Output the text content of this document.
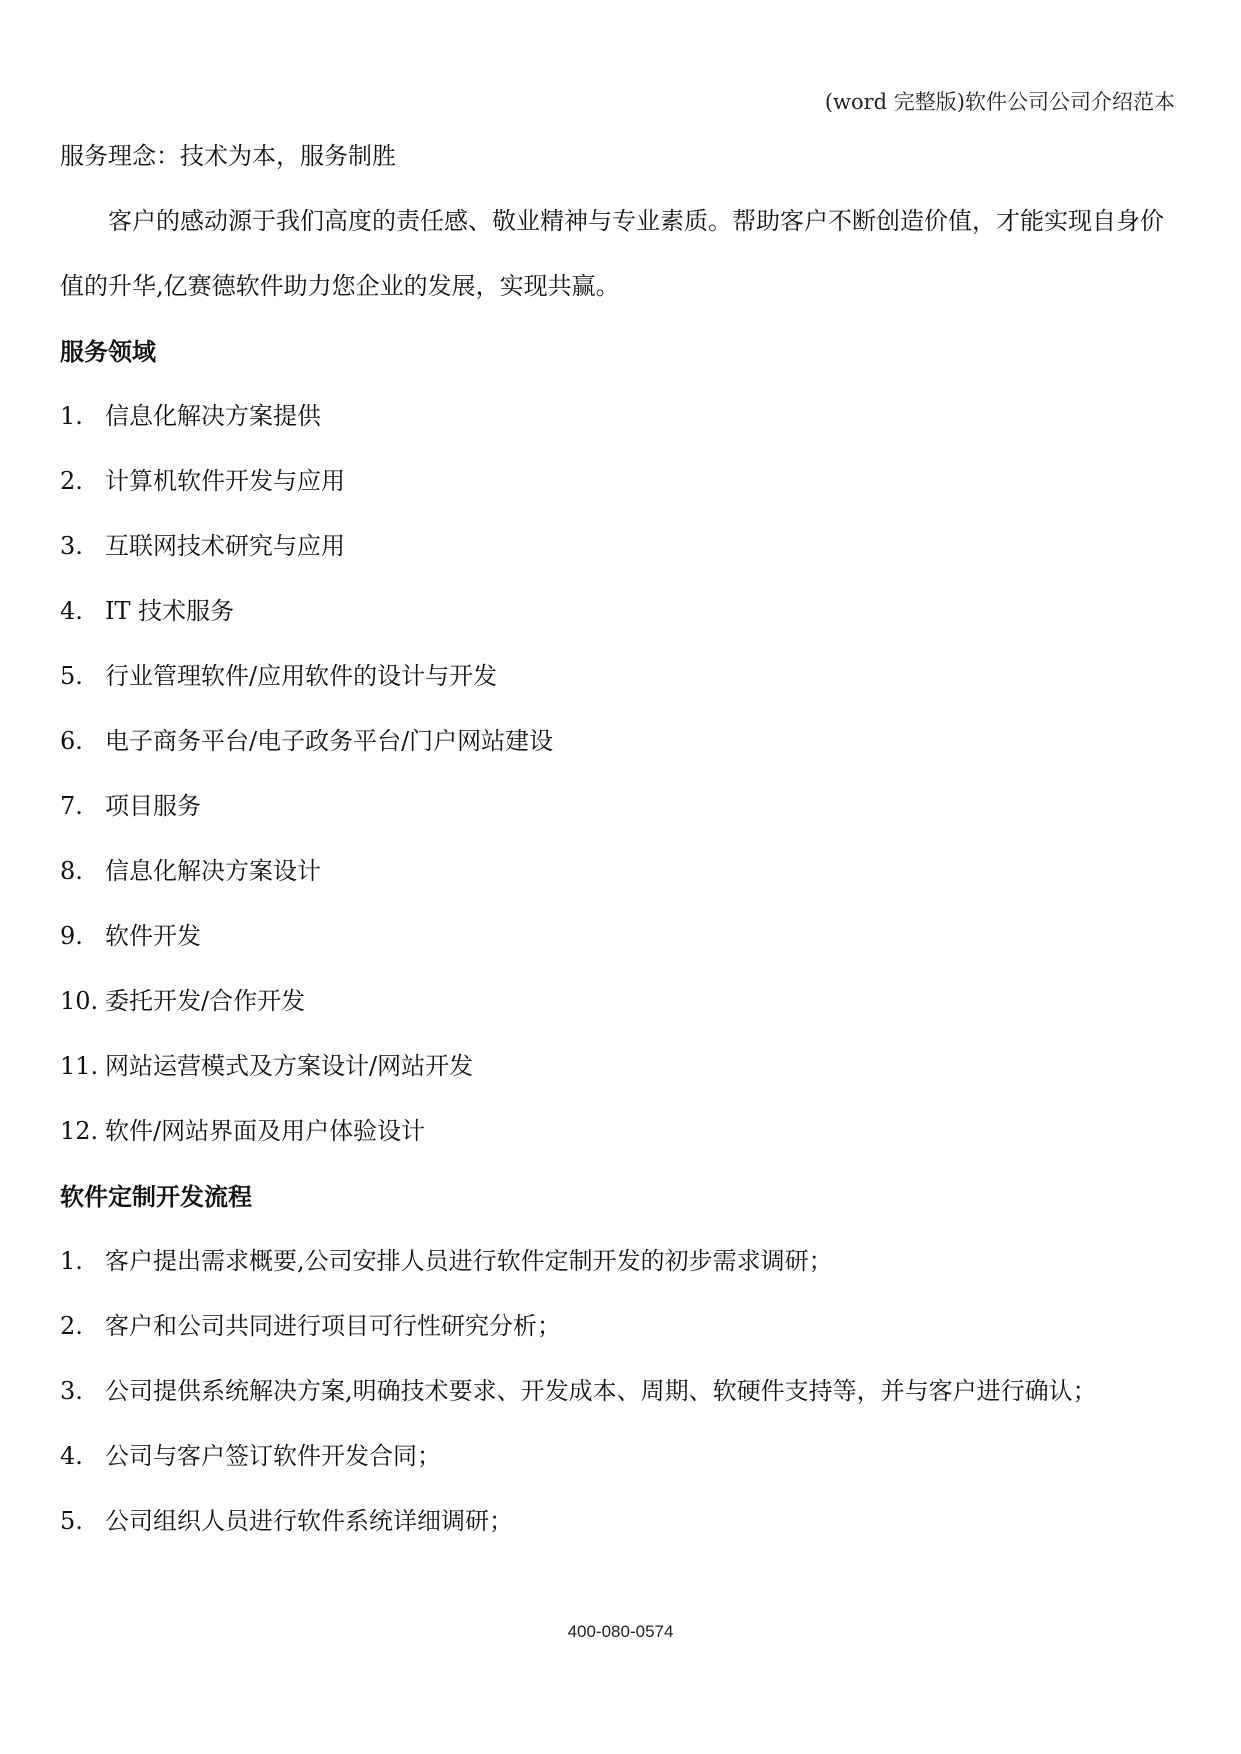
(word 完整版)软件公司公司介绍范本

服务理念：技术为本，服务制胜

客户的感动源于我们高度的责任感、敬业精神与专业素质。帮助客户不断创造价值，才能实现自身价值的升华,亿赛德软件助力您企业的发展，实现共赢。

服务领域

1. 信息化解决方案提供
2. 计算机软件开发与应用
3. 互联网技术研究与应用
4. IT 技术服务
5. 行业管理软件/应用软件的设计与开发
6. 电子商务平台/电子政务平台/门户网站建设
7. 项目服务
8. 信息化解决方案设计
9. 软件开发
10. 委托开发/合作开发
11. 网站运营模式及方案设计/网站开发
12. 软件/网站界面及用户体验设计

软件定制开发流程

1. 客户提出需求概要,公司安排人员进行软件定制开发的初步需求调研；
2. 客户和公司共同进行项目可行性研究分析；
3. 公司提供系统解决方案,明确技术要求、开发成本、周期、软硬件支持等，并与客户进行确认；
4. 公司与客户签订软件开发合同；
5. 公司组织人员进行软件系统详细调研；
400-080-0574
